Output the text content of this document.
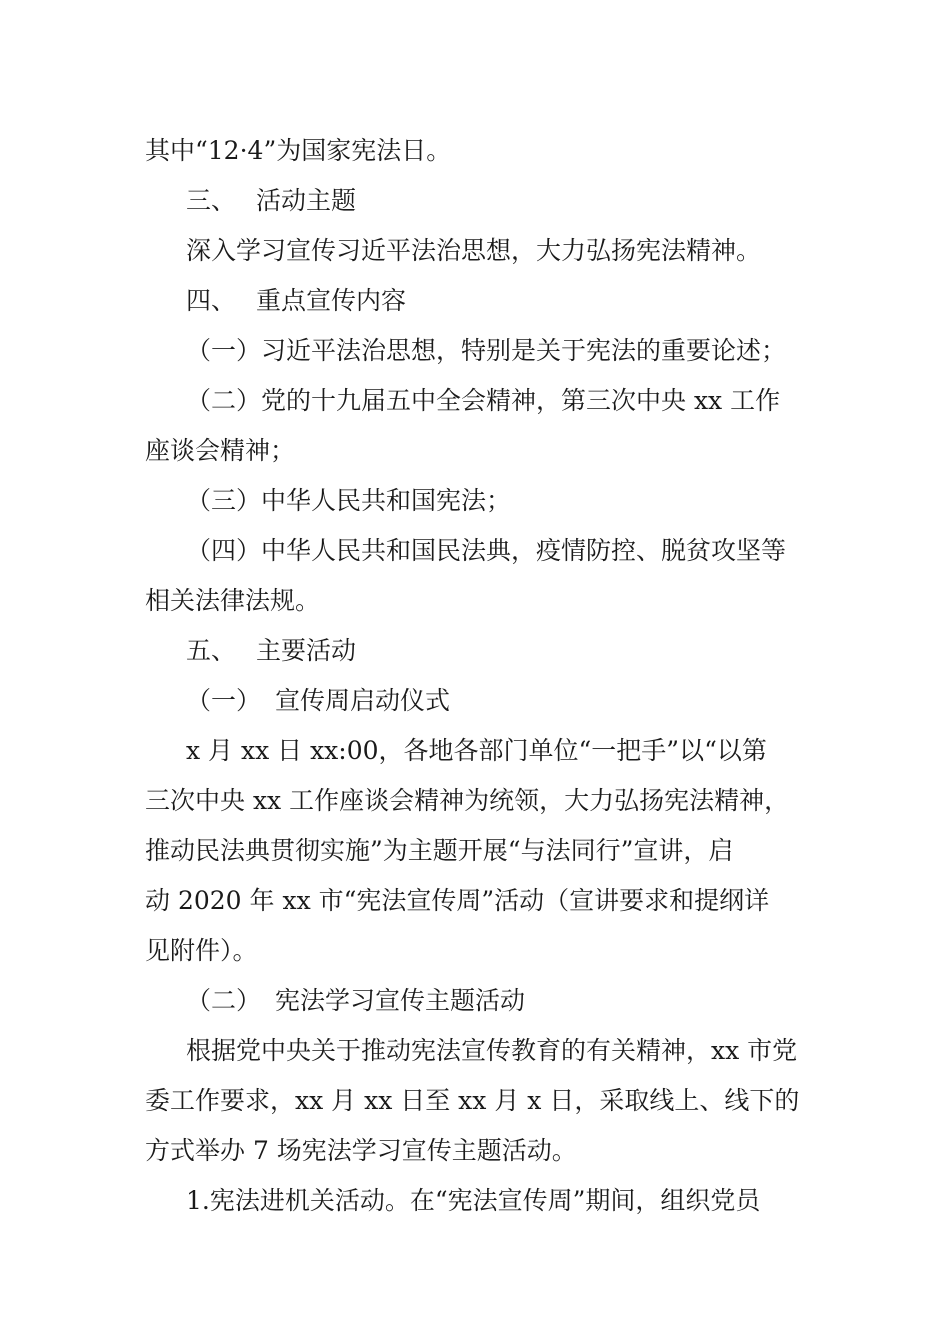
其中“12·4”为国家宪法日。
三、 活动主题
深入学习宣传习近平法治思想，大力弘扬宪法精神。
四、 重点宣传内容
（一）习近平法治思想，特别是关于宪法的重要论述；
（二）党的十九届五中全会精神，第三次中央 xx 工作
座谈会精神；
（三）中华人民共和国宪法；
（四）中华人民共和国民法典，疫情防控、脱贫攻坚等
相关法律法规。
五、 主要活动
（一） 宣传周启动仪式
x 月 xx 日 xx:00，各地各部门单位“一把手”以“以第
三次中央 xx 工作座谈会精神为统领，大力弘扬宪法精神，
推动民法典贯彻实施”为主题开展“与法同行”宣讲，启
动 2020 年 xx 市“宪法宣传周”活动（宣讲要求和提纲详
见附件）。
（二） 宪法学习宣传主题活动
根据党中央关于推动宪法宣传教育的有关精神，xx 市党
委工作要求，xx 月 xx 日至 xx 月 x 日，采取线上、线下的
方式举办 7 场宪法学习宣传主题活动。
1.宪法进机关活动。在“宪法宣传周”期间，组织党员
